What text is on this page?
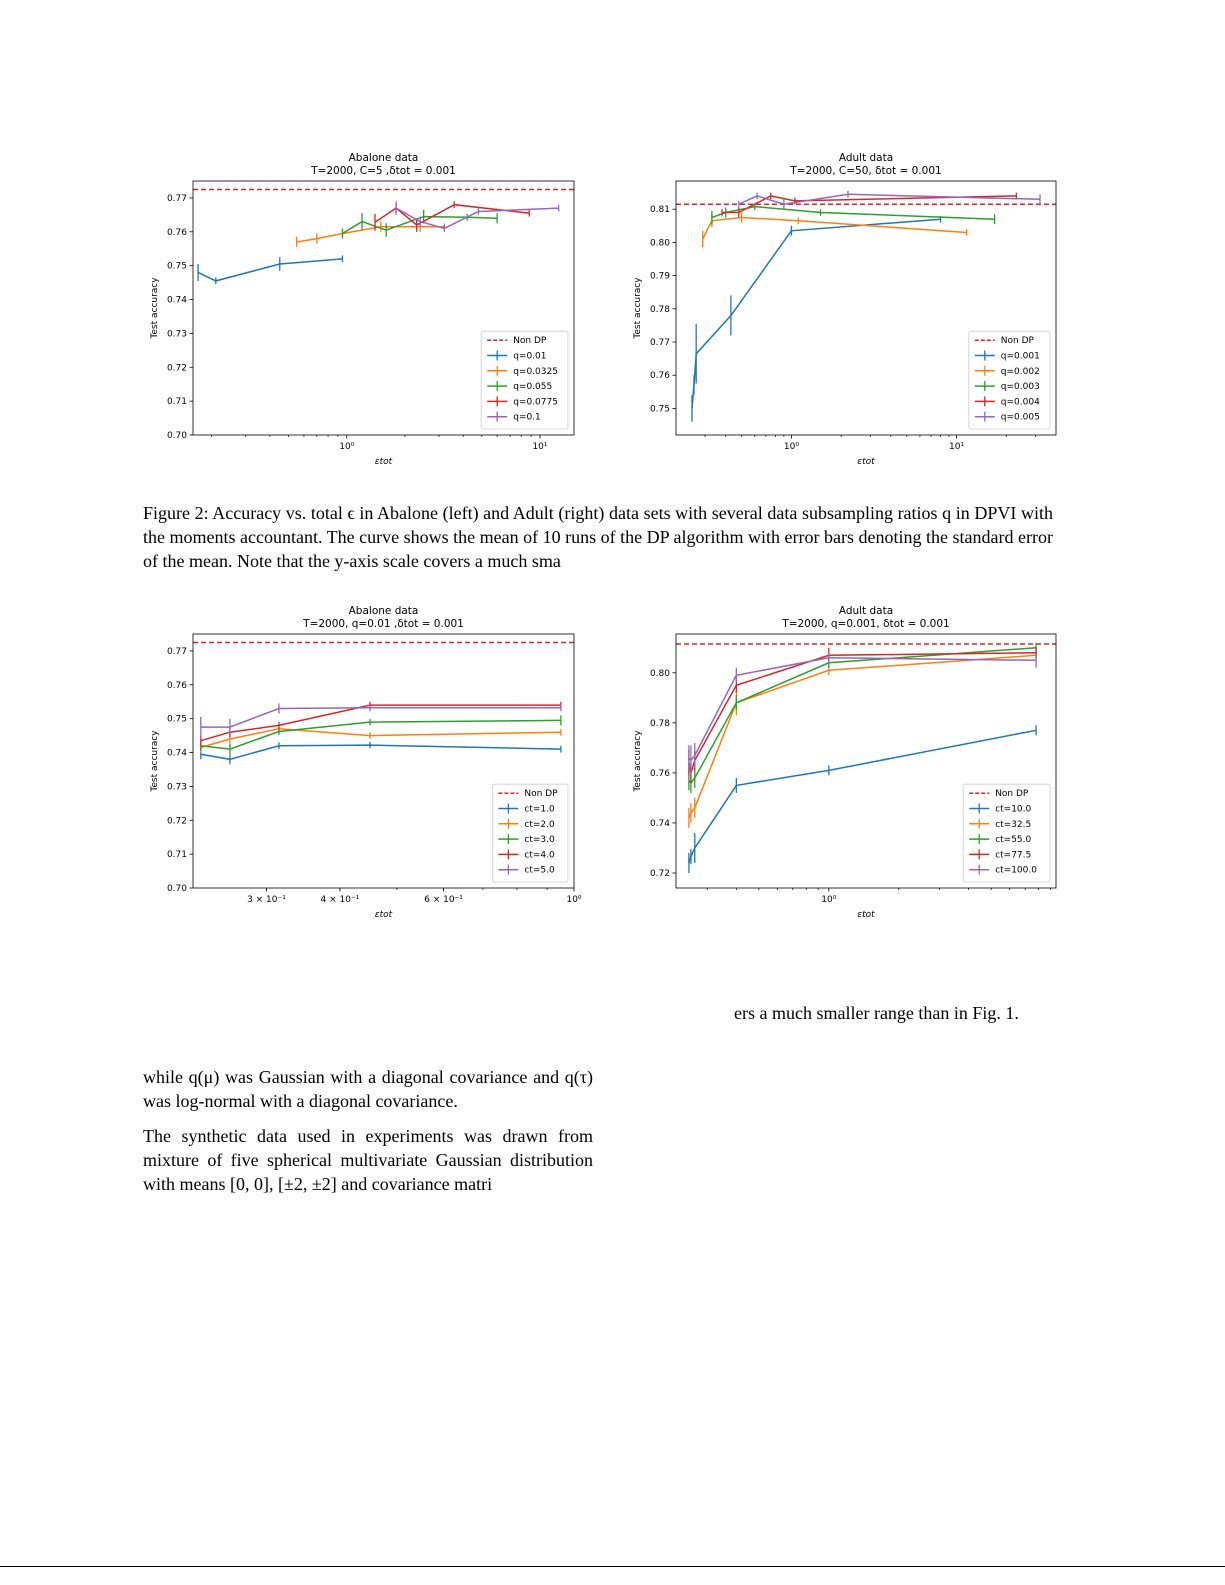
Abalone data
T=2000, C=5 ,δtot = 0.001
10⁰	10¹
0.70
0.71
0.72
0.73
0.74
0.75
0.76
0.77
εtot
Test accuracy
Non DP
q=0.01
q=0.0325
q=0.055
q=0.0775
q=0.1
Adult data
T=2000, C=50, δtot = 0.001
10⁰	10¹
0.75
0.76
0.77
0.78
0.79
0.80
0.81
εtot
Test accuracy
Non DP
q=0.001
q=0.002
q=0.003
q=0.004
q=0.005
Abalone data
T=2000, q=0.01 ,δtot = 0.001
3 × 10⁻¹	4 × 10⁻¹	6 × 10⁻¹	10⁰
0.70
0.71
0.72
0.73
0.74
0.75
0.76
0.77
εtot
Test accuracy
Non DP
ct=1.0
ct=2.0
ct=3.0
ct=4.0
ct=5.0
Adult data
T=2000, q=0.001, δtot = 0.001
10⁰
0.72
0.74
0.76
0.78
0.80
εtot
Test accuracy
Non DP
ct=10.0
ct=32.5
ct=55.0
ct=77.5
ct=100.0
Figure 2: Accuracy vs. total ϵ in Abalone (left) and Adult (right) data sets with several data subsampling ratios q in DPVI with the moments accountant. The curve shows the mean of 10 runs of the DP algorithm with error bars denoting the standard error of the mean. Note that the y-axis scale covers a much sma
ers a much smaller range than in Fig. 1.
while q(μ) was Gaussian with a diagonal covariance and q(τ) was log-normal with a diagonal covariance.
The synthetic data used in experiments was drawn from mixture of five spherical multivariate Gaussian distribution with means [0, 0], [±2, ±2] and covariance matri
